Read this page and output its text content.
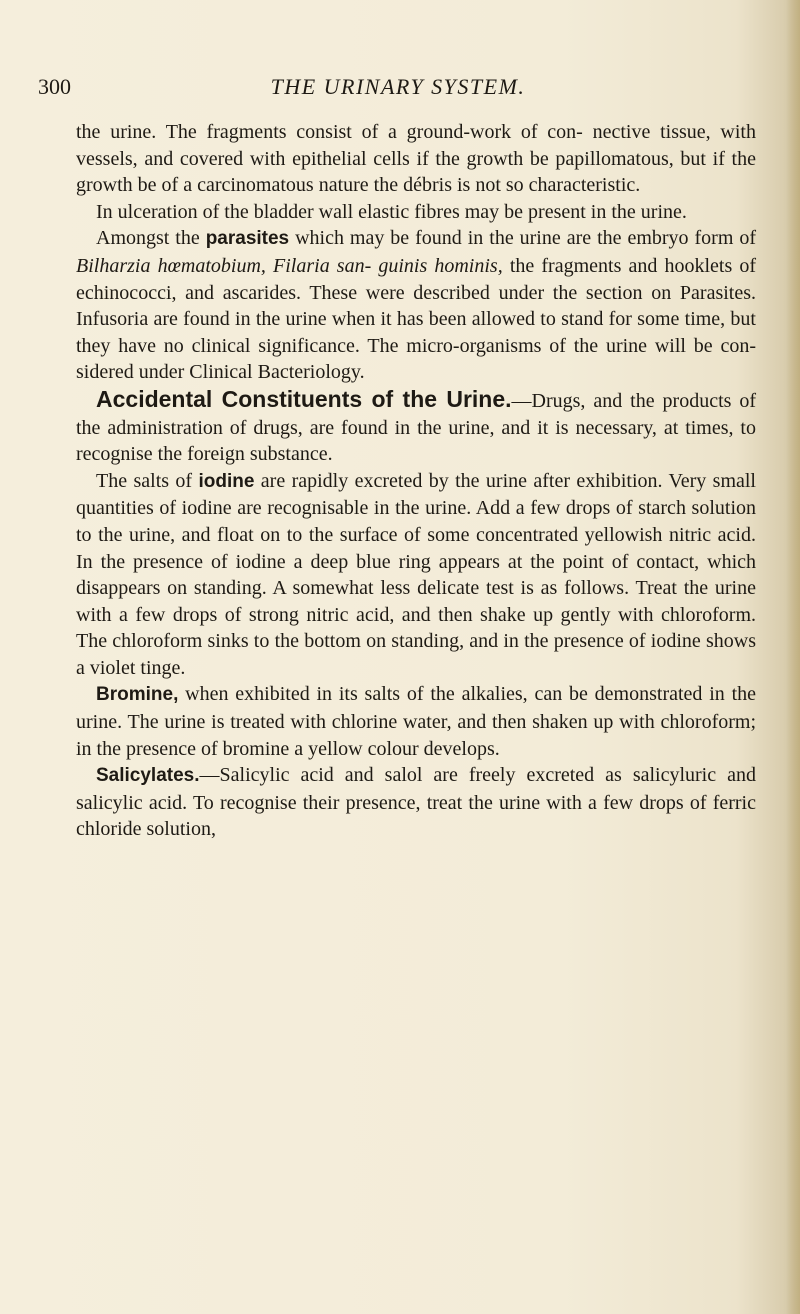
300	THE URINARY SYSTEM.

the urine. The fragments consist of a ground-work of con- nective tissue, with vessels, and covered with epithelial cells if the growth be papillomatous, but if the growth be of a carcinomatous nature the débris is not so characteristic.

In ulceration of the bladder wall elastic fibres may be present in the urine.

Amongst the parasites which may be found in the urine are the embryo form of Bilharzia hœmatobium, Filaria san- guinis hominis, the fragments and hooklets of echinococci, and ascarides. These were described under the section on Parasites. Infusoria are found in the urine when it has been allowed to stand for some time, but they have no clinical significance. The micro-organisms of the urine will be con- sidered under Clinical Bacteriology.

Accidental Constituents of the Urine.—Drugs, and the products of the administration of drugs, are found in the urine, and it is necessary, at times, to recognise the foreign substance.

The salts of iodine are rapidly excreted by the urine after exhibition. Very small quantities of iodine are recognisable in the urine. Add a few drops of starch solution to the urine, and float on to the surface of some concentrated yellowish nitric acid. In the presence of iodine a deep blue ring appears at the point of contact, which disappears on standing. A somewhat less delicate test is as follows. Treat the urine with a few drops of strong nitric acid, and then shake up gently with chloroform. The chloroform sinks to the bottom on standing, and in the presence of iodine shows a violet tinge.

Bromine, when exhibited in its salts of the alkalies, can be demonstrated in the urine. The urine is treated with chlorine water, and then shaken up with chloroform; in the presence of bromine a yellow colour develops.

Salicylates.—Salicylic acid and salol are freely excreted as salicyluric and salicylic acid. To recognise their presence, treat the urine with a few drops of ferric chloride solution,
